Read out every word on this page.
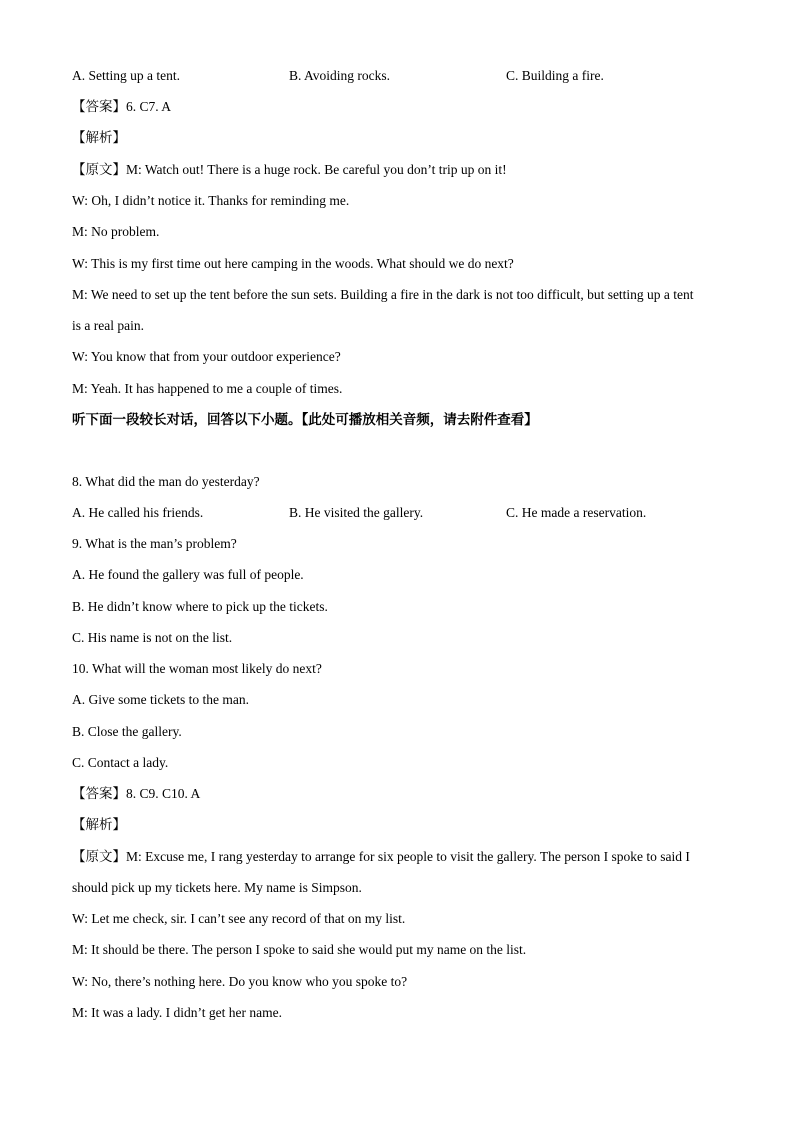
A. Setting up a tent.	B. Avoiding rocks.	C. Building a fire.
【答案】6. C7. A
【解析】
【原文】M: Watch out! There is a huge rock. Be careful you don’t trip up on it!
W: Oh, I didn’t notice it. Thanks for reminding me.
M: No problem.
W: This is my first time out here camping in the woods. What should we do next?
M: We need to set up the tent before the sun sets. Building a fire in the dark is not too difficult, but setting up a tent
is a real pain.
W: You know that from your outdoor experience?
M: Yeah. It has happened to me a couple of times.
听下面一段较长对话，回答以下小题。【此处可播放相关音频，请去附件查看】
8. What did the man do yesterday?
A. He called his friends.	B. He visited the gallery.	C. He made a reservation.
9. What is the man’s problem?
A. He found the gallery was full of people.
B. He didn’t know where to pick up the tickets.
C. His name is not on the list.
10. What will the woman most likely do next?
A. Give some tickets to the man.
B. Close the gallery.
C. Contact a lady.
【答案】8. C9. C10. A
【解析】
【原文】M: Excuse me, I rang yesterday to arrange for six people to visit the gallery. The person I spoke to said I
should pick up my tickets here. My name is Simpson.
W: Let me check, sir. I can’t see any record of that on my list.
M: It should be there. The person I spoke to said she would put my name on the list.
W: No, there’s nothing here. Do you know who you spoke to?
M: It was a lady. I didn’t get her name.
